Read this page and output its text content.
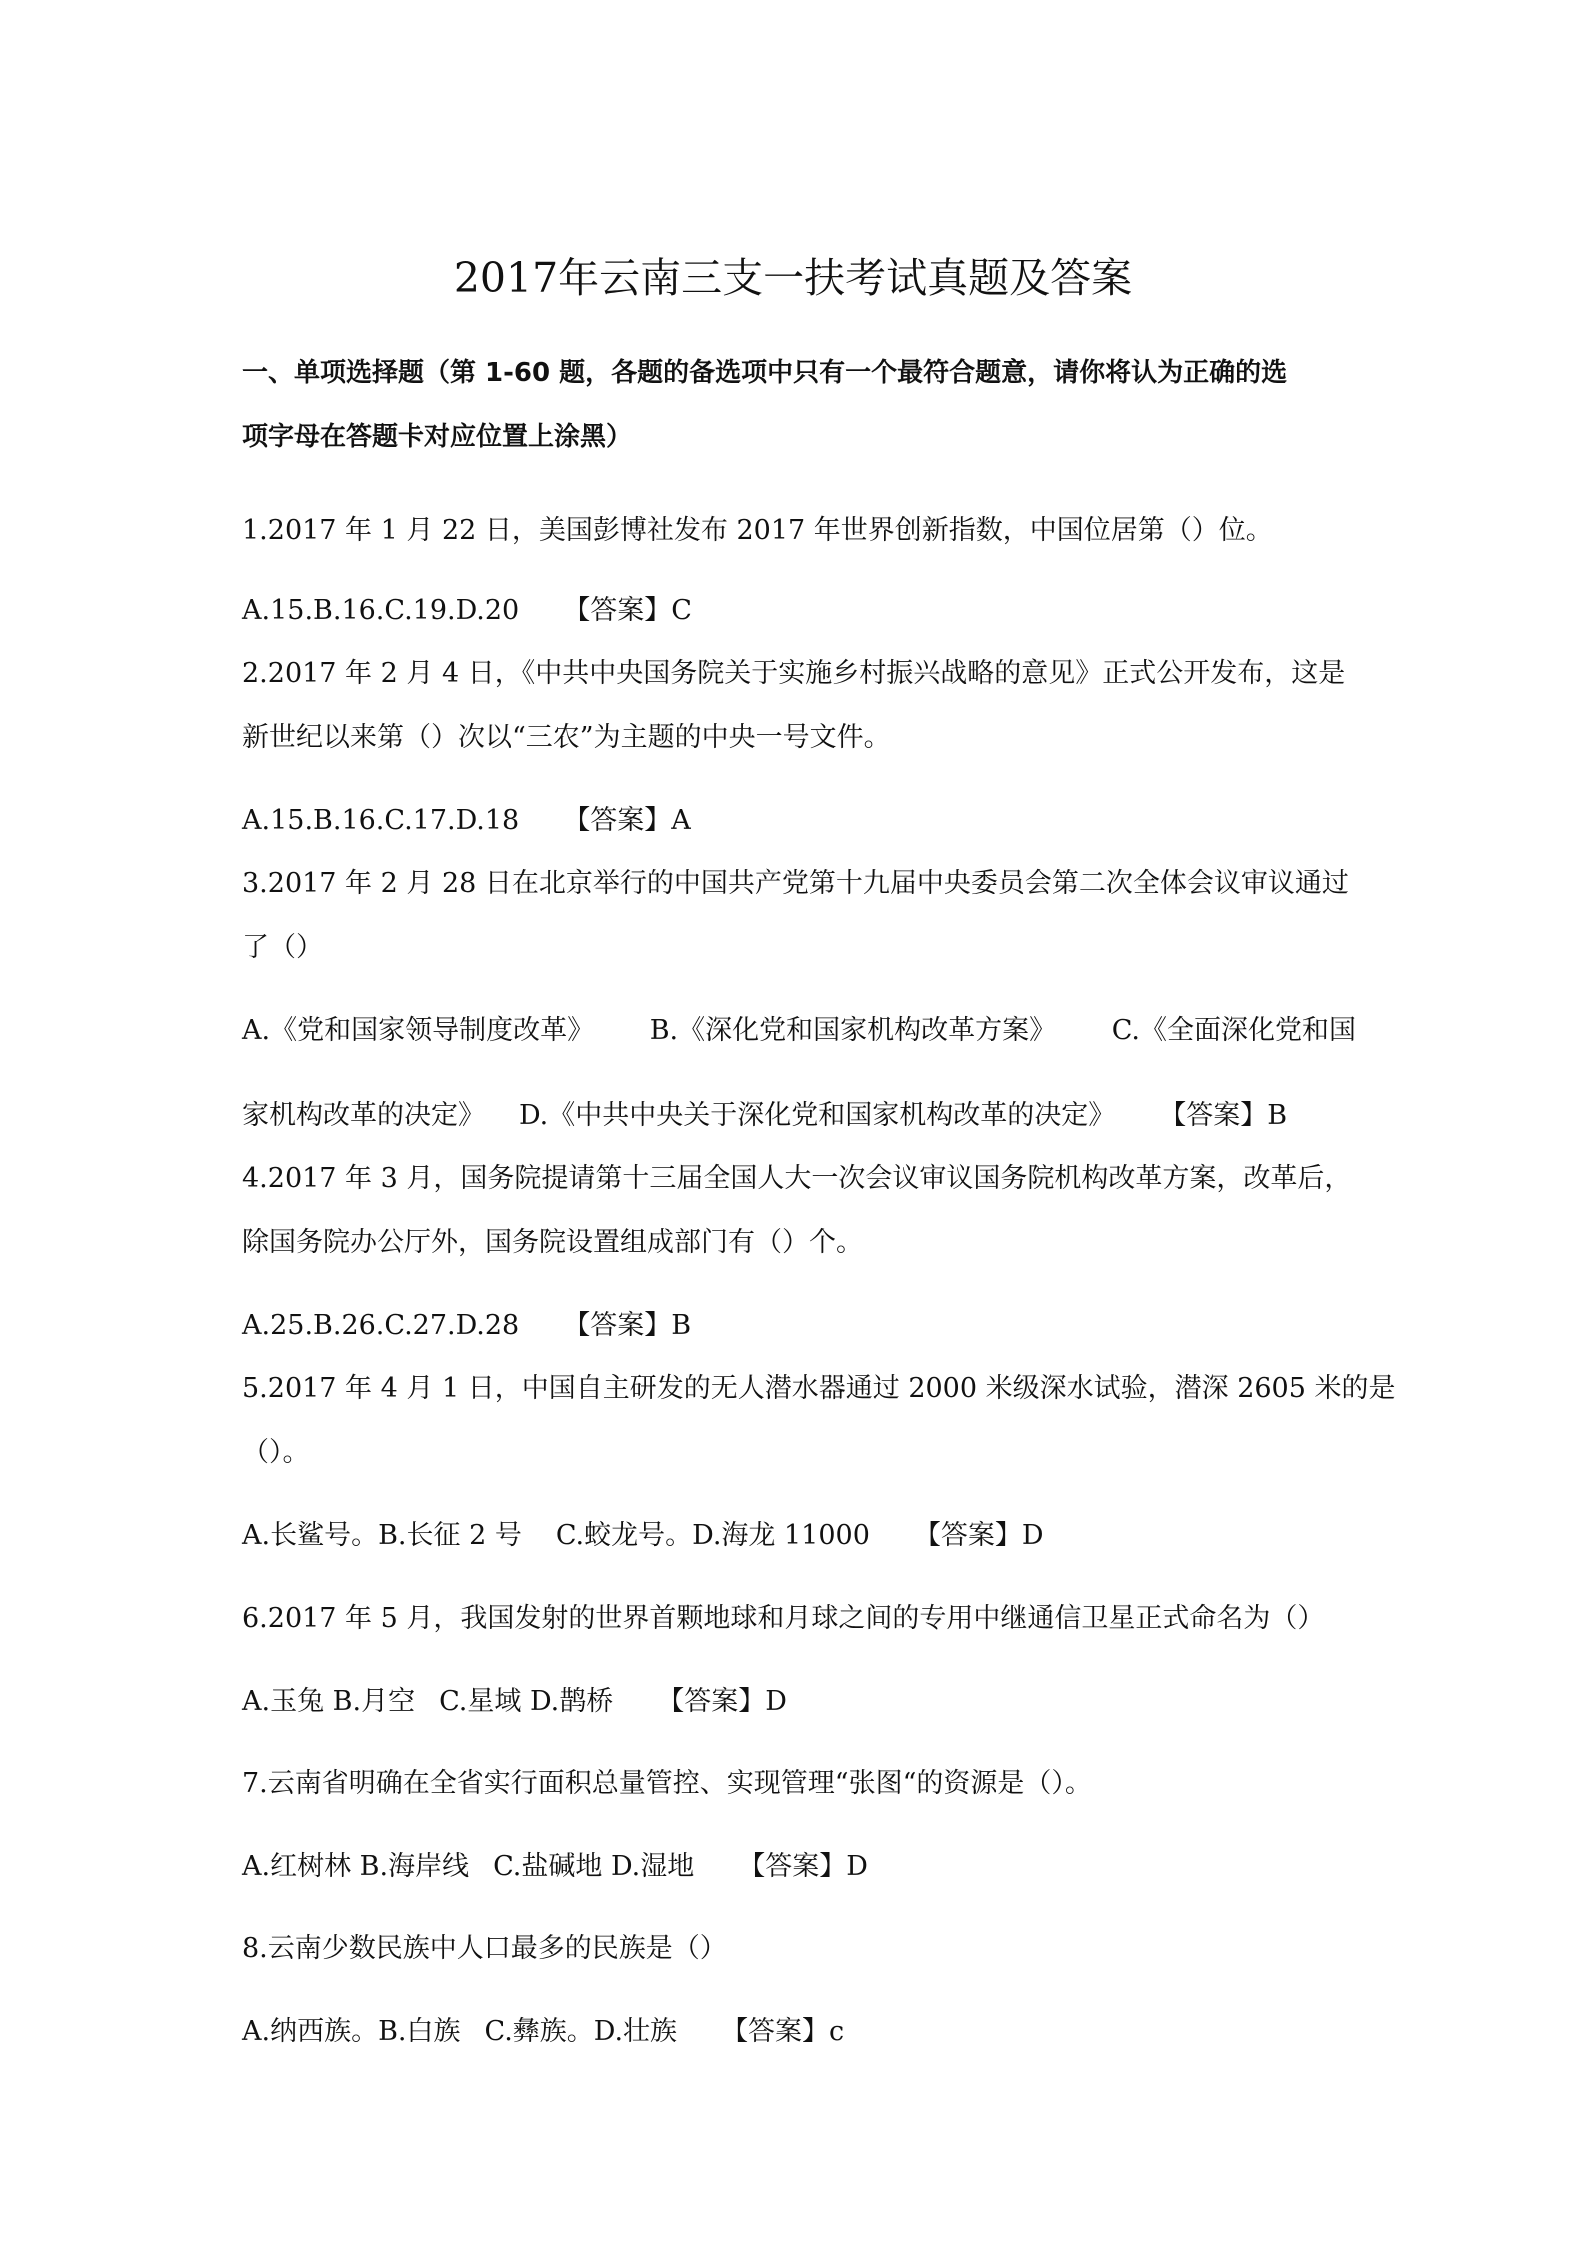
2017年云南三支一扶考试真题及答案
一、单项选择题（第 1-60 题，各题的备选项中只有一个最符合题意，请你将认为正确的选
项字母在答题卡对应位置上涂黑）
1.2017 年 1 月 22 日，美国彭博社发布 2017 年世界创新指数，中国位居第（）位。
A.15.B.16.C.19.D.20 【答案】C
2.2017 年 2 月 4 日，《中共中央国务院关于实施乡村振兴战略的意见》正式公开发布，这是
新世纪以来第（）次以“三农”为主题的中央一号文件。
A.15.B.16.C.17.D.18 【答案】A
3.2017 年 2 月 28 日在北京举行的中国共产党第十九届中央委员会第二次全体会议审议通过
了（）
A.《党和国家领导制度改革》 B.《深化党和国家机构改革方案》 C.《全面深化党和国
家机构改革的决定》 D.《中共中央关于深化党和国家机构改革的决定》 【答案】B
4.2017 年 3 月，国务院提请第十三届全国人大一次会议审议国务院机构改革方案，改革后，
除国务院办公厅外，国务院设置组成部门有（）个。
A.25.B.26.C.27.D.28 【答案】B
5.2017 年 4 月 1 日，中国自主研发的无人潜水器通过 2000 米级深水试验，潜深 2605 米的是
（）。
A.长鲨号。B.长征 2 号 C.蛟龙号。D.海龙 11000 【答案】D
6.2017 年 5 月，我国发射的世界首颗地球和月球之间的专用中继通信卫星正式命名为（）
A.玉兔 B.月空 C.星域 D.鹊桥 【答案】D
7.云南省明确在全省实行面积总量管控、实现管理“张图“的资源是（）。
A.红树林 B.海岸线 C.盐碱地 D.湿地 【答案】D
8.云南少数民族中人口最多的民族是（）
A.纳西族。B.白族 C.彝族。D.壮族 【答案】c
